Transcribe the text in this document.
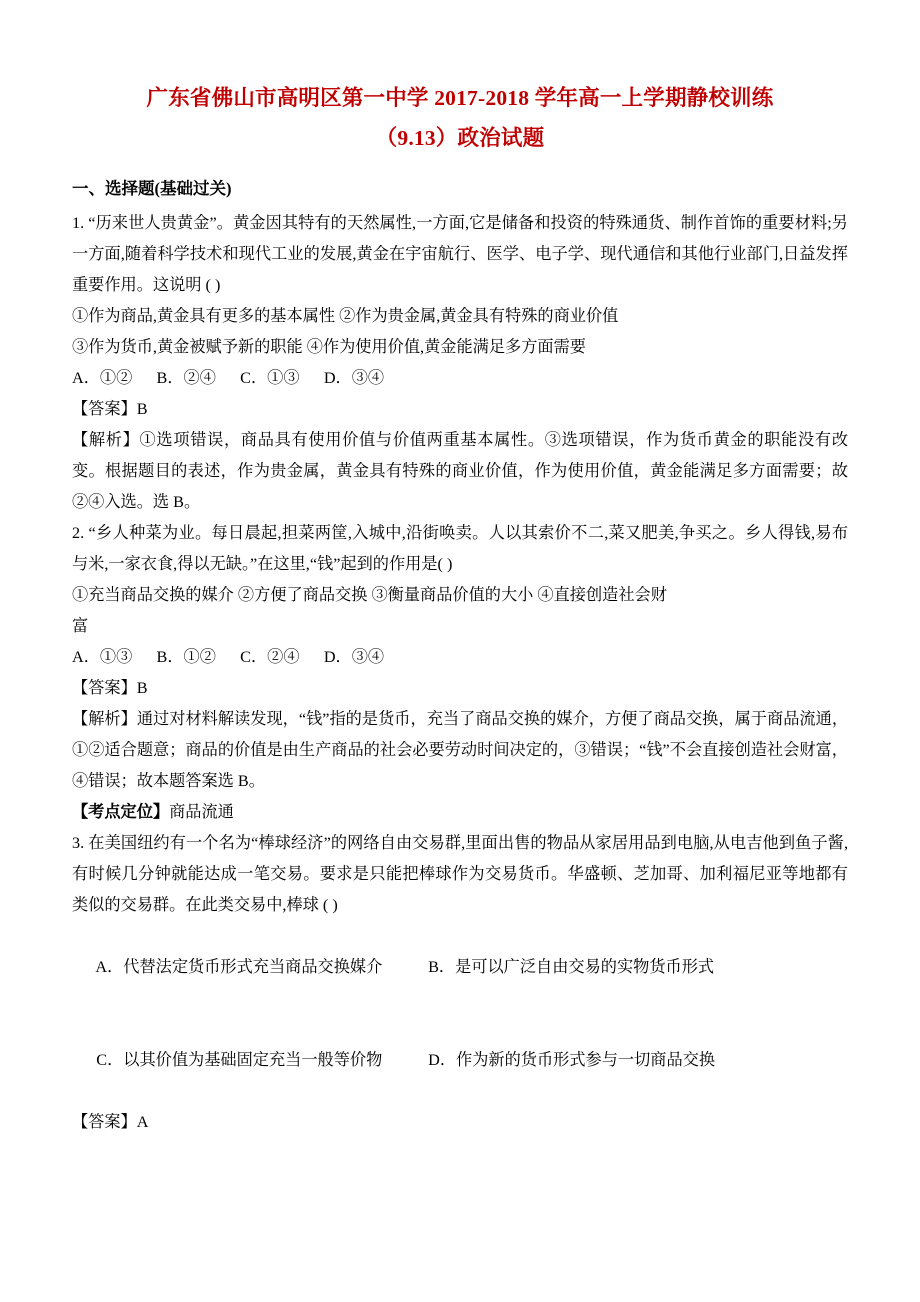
广东省佛山市高明区第一中学 2017-2018 学年高一上学期静校训练
（9.13）政治试题
一、选择题(基础过关)
1. “历来世人贵黄金”。黄金因其特有的天然属性,一方面,它是储备和投资的特殊通货、制作首饰的重要材料;另一方面,随着科学技术和现代工业的发展,黄金在宇宙航行、医学、电子学、现代通信和其他行业部门,日益发挥重要作用。这说明 ( )
①作为商品,黄金具有更多的基本属性 ②作为贵金属,黄金具有特殊的商业价值
③作为货币,黄金被赋予新的职能 ④作为使用价值,黄金能满足多方面需要
A．①②      B．②④      C．①③      D．③④
【答案】B
【解析】①选项错误，商品具有使用价值与价值两重基本属性。③选项错误，作为货币黄金的职能没有改变。根据题目的表述，作为贵金属，黄金具有特殊的商业价值，作为使用价值，黄金能满足多方面需要；故②④入选。选 B。
2. “乡人种菜为业。每日晨起,担菜两筐,入城中,沿街唤卖。人以其索价不二,菜又肥美,争买之。乡人得钱,易布与米,一家衣食,得以无缺。”在这里,“钱”起到的作用是( )
①充当商品交换的媒介 ②方便了商品交换 ③衡量商品价值的大小 ④直接创造社会财
富
A．①③      B．①②      C．②④      D．③④
【答案】B
【解析】通过对材料解读发现，“钱”指的是货币，充当了商品交换的媒介，方便了商品交换，属于商品流通，①②适合题意；商品的价值是由生产商品的社会必要劳动时间决定的，③错误；“钱”不会直接创造社会财富，④错误；故本题答案选 B。
【考点定位】商品流通
3. 在美国纽约有一个名为“棒球经济”的网络自由交易群,里面出售的物品从家居用品到电脑,从电吉他到鱼子酱,有时候几分钟就能达成一笔交易。要求是只能把棒球作为交易货币。华盛顿、芝加哥、加利福尼亚等地都有类似的交易群。在此类交易中,棒球 ( )

A．代替法定货币形式充当商品交换媒介			B．是可以广泛自由交易的实物货币形式

C．以其价值为基础固定充当一般等价物			D．作为新的货币形式参与一切商品交换

【答案】A
